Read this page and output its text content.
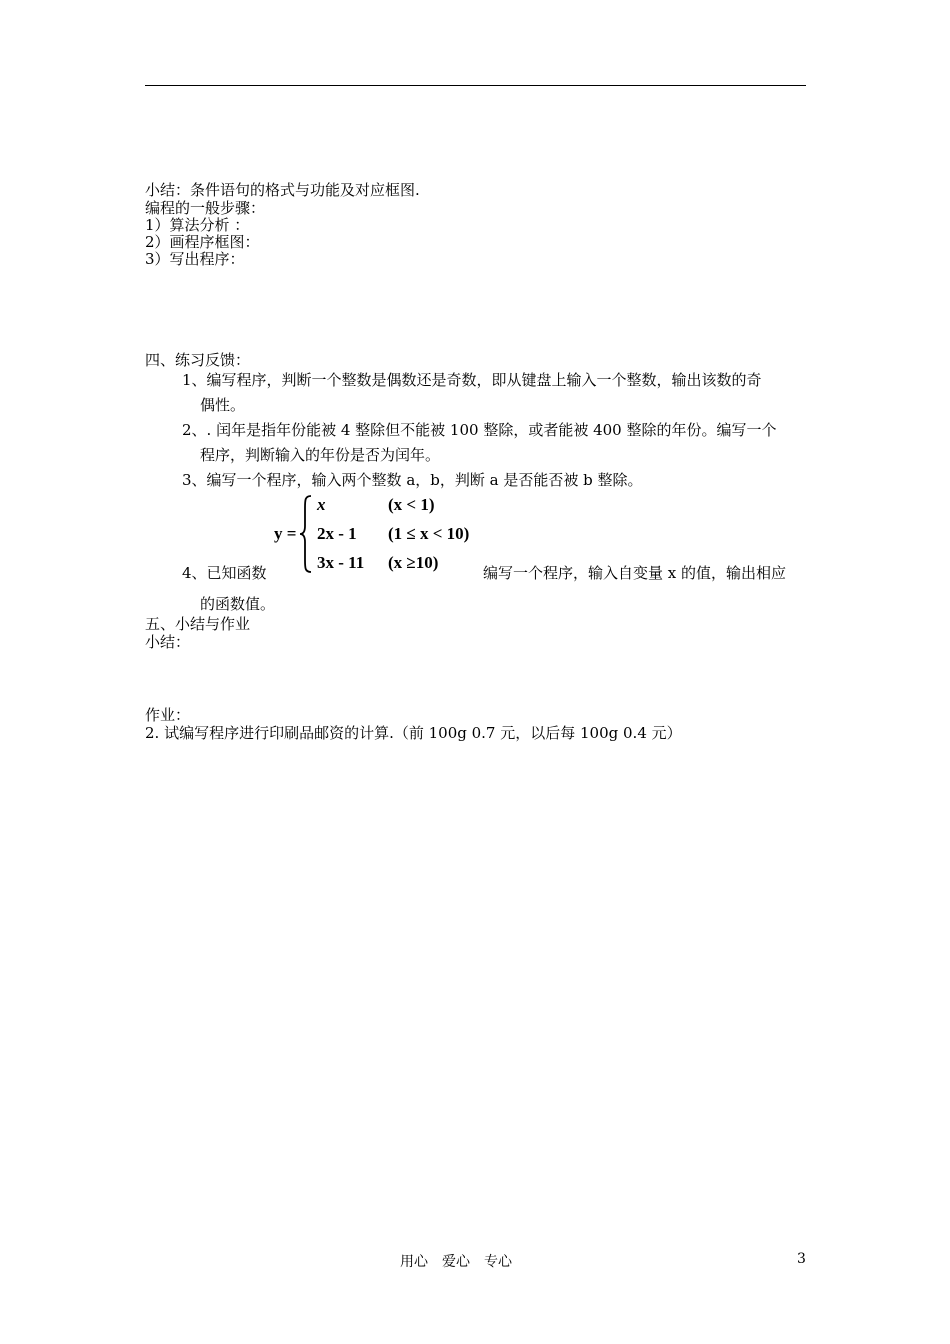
小结：条件语句的格式与功能及对应框图.
编程的一般步骤：
1）算法分析 ：
2）画程序框图：
3）写出程序：
四、练习反馈：
1、编写程序，判断一个整数是偶数还是奇数，即从键盘上输入一个整数，输出该数的奇
偶性。
2、. 闰年是指年份能被 4 整除但不能被 100 整除，或者能被 400 整除的年份。编写一个
程序，判断输入的年份是否为闰年。
3、编写一个程序，输入两个整数 a，b，判断 a 是否能否被 b 整除。
y =
x	(x < 1)
2x - 1 (1 ≤ x < 10)
3x - 11 (x ≥10)
4、已知函数	编写一个程序，输入自变量 x 的值，输出相应
的函数值。
五、小结与作业
小结：
作业：
2. 试编写程序进行印刷品邮资的计算.（前 100g 0.7 元，以后每 100g 0.4 元）
用心　爱心　专心	3
